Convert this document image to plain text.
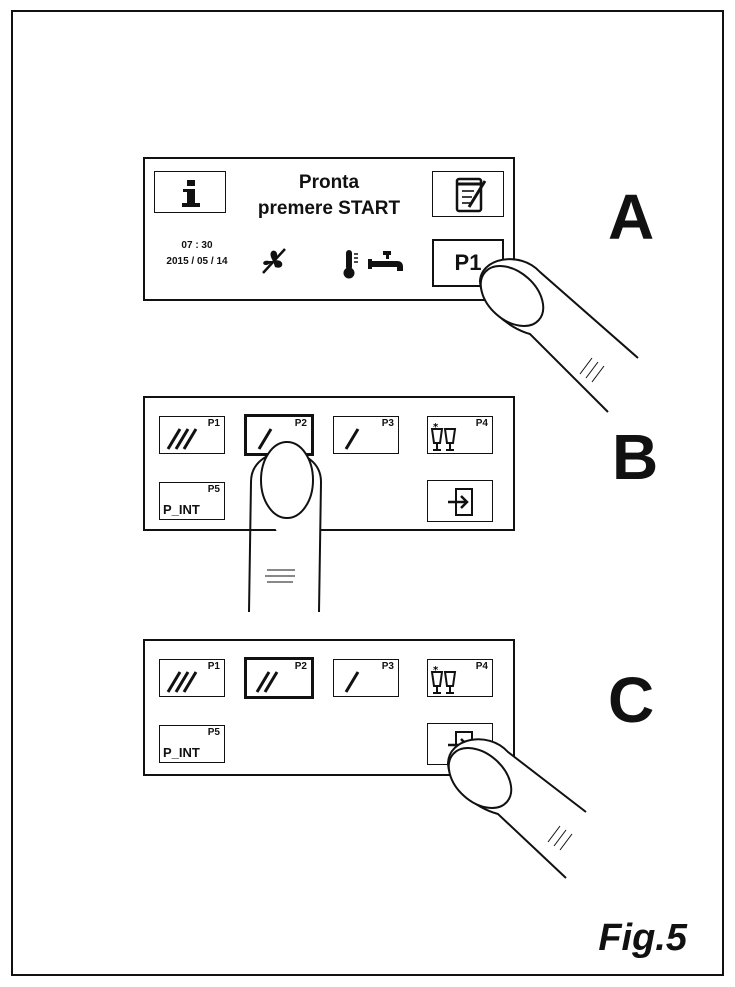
Pronta
premere START
07 : 30
2015 / 05 / 14	P1
A
P1	P2	P3	P4
*
P5
P_INT
B
P1	P2	P3	P4
*
P5
P_INT
C
Fig.5
